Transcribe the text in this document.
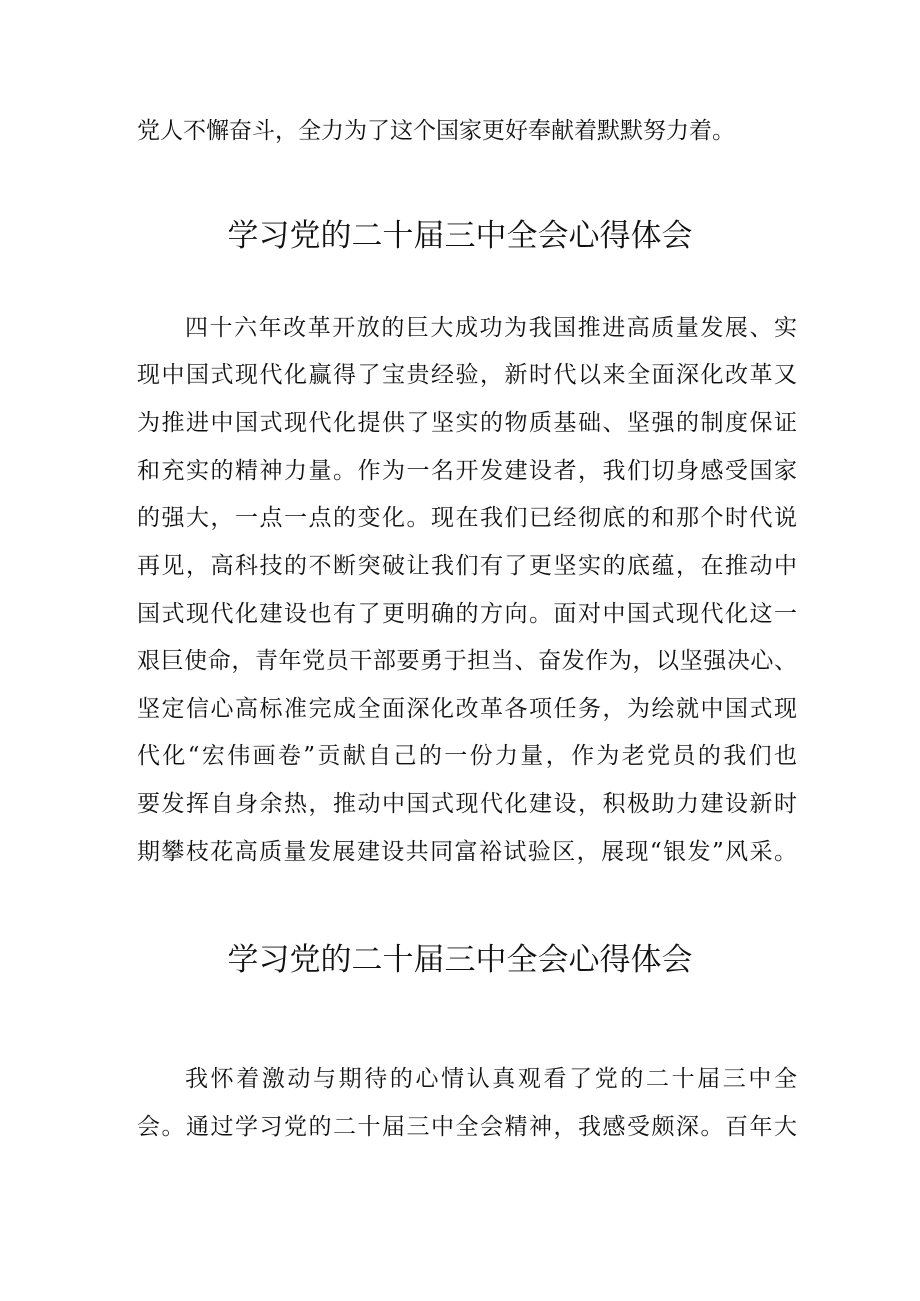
党人不懈奋斗，全力为了这个国家更好奉献着默默努力着。
学习党的二十届三中全会心得体会
四十六年改革开放的巨大成功为我国推进高质量发展、实
现中国式现代化赢得了宝贵经验，新时代以来全面深化改革又
为推进中国式现代化提供了坚实的物质基础、坚强的制度保证
和充实的精神力量。作为一名开发建设者，我们切身感受国家
的强大，一点一点的变化。现在我们已经彻底的和那个时代说
再见，高科技的不断突破让我们有了更坚实的底蕴，在推动中
国式现代化建设也有了更明确的方向。面对中国式现代化这一
艰巨使命，青年党员干部要勇于担当、奋发作为，以坚强决心、
坚定信心高标准完成全面深化改革各项任务，为绘就中国式现
代化“宏伟画卷”贡献自己的一份力量，作为老党员的我们也
要发挥自身余热，推动中国式现代化建设，积极助力建设新时
期攀枝花高质量发展建设共同富裕试验区，展现“银发”风采。
学习党的二十届三中全会心得体会
我怀着激动与期待的心情认真观看了党的二十届三中全
会。通过学习党的二十届三中全会精神，我感受颇深。百年大
